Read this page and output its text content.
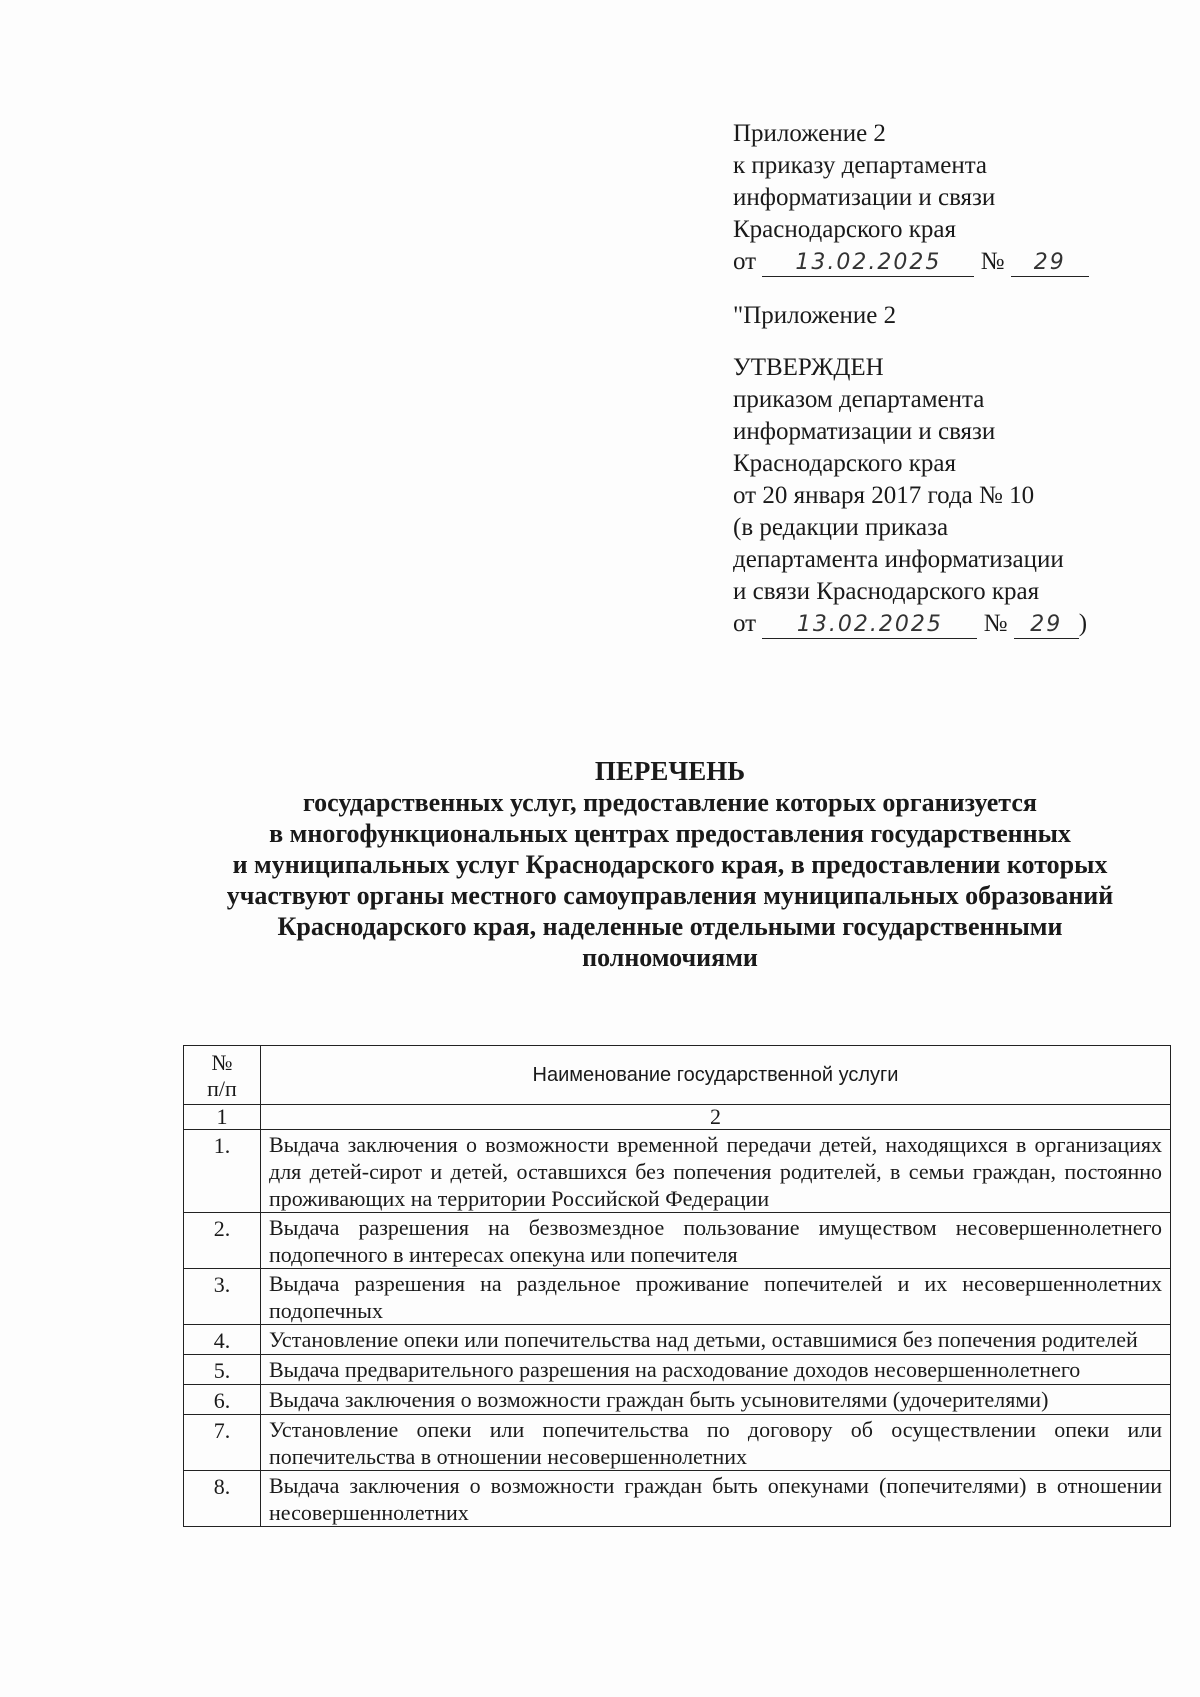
Приложение 2
к приказу департамента
информатизации и связи
Краснодарского края
от 13.02.2025 № 29
"Приложение 2
УТВЕРЖДЕН
приказом департамента
информатизации и связи
Краснодарского края
от 20 января 2017 года № 10
(в редакции приказа
департамента информатизации
и связи Краснодарского края
от 13.02.2025 № 29 )
ПЕРЕЧЕНЬ
государственных услуг, предоставление которых организуется
в многофункциональных центрах предоставления государственных
и муниципальных услуг Краснодарского края, в предоставлении которых
участвуют органы местного самоуправления муниципальных образований
Краснодарского края, наделенные отдельными государственными
полномочиями
№
п/п	Наименование государственной услуги
1	2
1.	Выдача заключения о возможности временной передачи детей, находящихся в организациях для детей-сирот и детей, оставшихся без попечения родителей, в семьи граждан, постоянно проживающих на территории Российской Федерации
2.	Выдача разрешения на безвозмездное пользование имуществом несовершеннолетнего подопечного в интересах опекуна или попечителя
3.	Выдача разрешения на раздельное проживание попечителей и их несовершеннолетних подопечных
4.	Установление опеки или попечительства над детьми, оставшимися без попечения родителей
5.	Выдача предварительного разрешения на расходование доходов несовершеннолетнего
6.	Выдача заключения о возможности граждан быть усыновителями (удочерителями)
7.	Установление опеки или попечительства по договору об осуществлении опеки или попечительства в отношении несовершеннолетних
8.	Выдача заключения о возможности граждан быть опекунами (попечителями) в отношении несовершеннолетних
